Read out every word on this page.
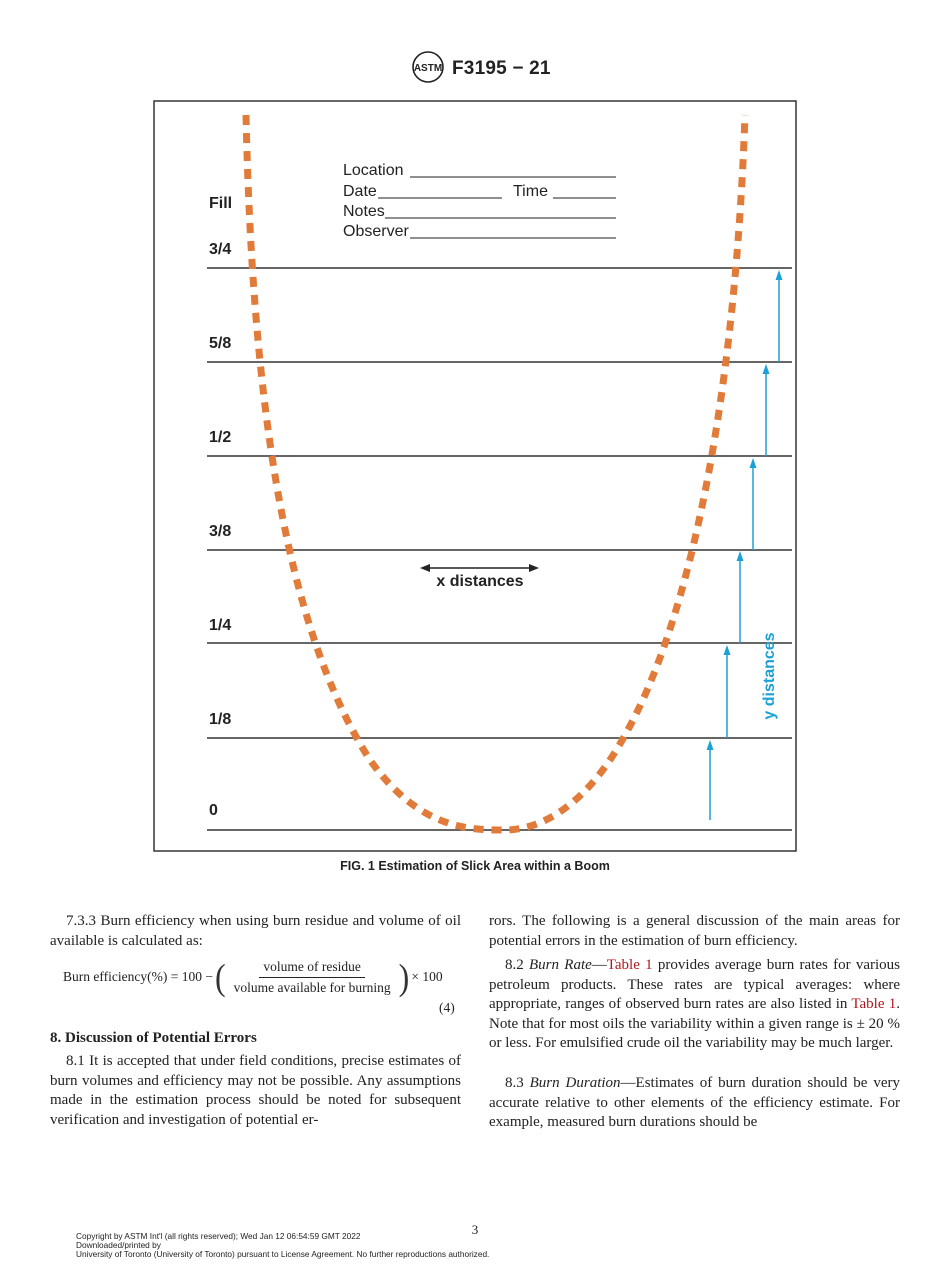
ASTM F3195 − 21
Fill
3/4
5/8
1/2
3/8
1/4
1/8
0
Location
Date	Time
Notes
Observer
x distances
y distances
FIG. 1 Estimation of Slick Area within a Boom

7.3.3 Burn efficiency when using burn residue and volume of oil available is calculated as:

Burn efficiency(%) = 100 − ( $\frac{\text{volume of residue}}{\text{volume available for burning}}$ ) × 100
(4)
8. Discussion of Potential Errors

8.1 It is accepted that under field conditions, precise estimates of burn volumes and efficiency may not be possible. Any assumptions made in the estimation process should be noted for subsequent verification and investigation of potential er-

rors. The following is a general discussion of the main areas for potential errors in the estimation of burn efficiency.

8.2 Burn Rate—Table 1 provides average burn rates for various petroleum products. These rates are typical averages: where appropriate, ranges of observed burn rates are also listed in Table 1. Note that for most oils the variability within a given range is ± 20 % or less. For emulsified crude oil the variability may be much larger.

8.3 Burn Duration—Estimates of burn duration should be very accurate relative to other elements of the efficiency estimate. For example, measured burn durations should be

3
Copyright by ASTM Int'l (all rights reserved); Wed Jan 12 06:54:59 GMT 2022
Downloaded/printed by
University of Toronto (University of Toronto) pursuant to License Agreement. No further reproductions authorized.
